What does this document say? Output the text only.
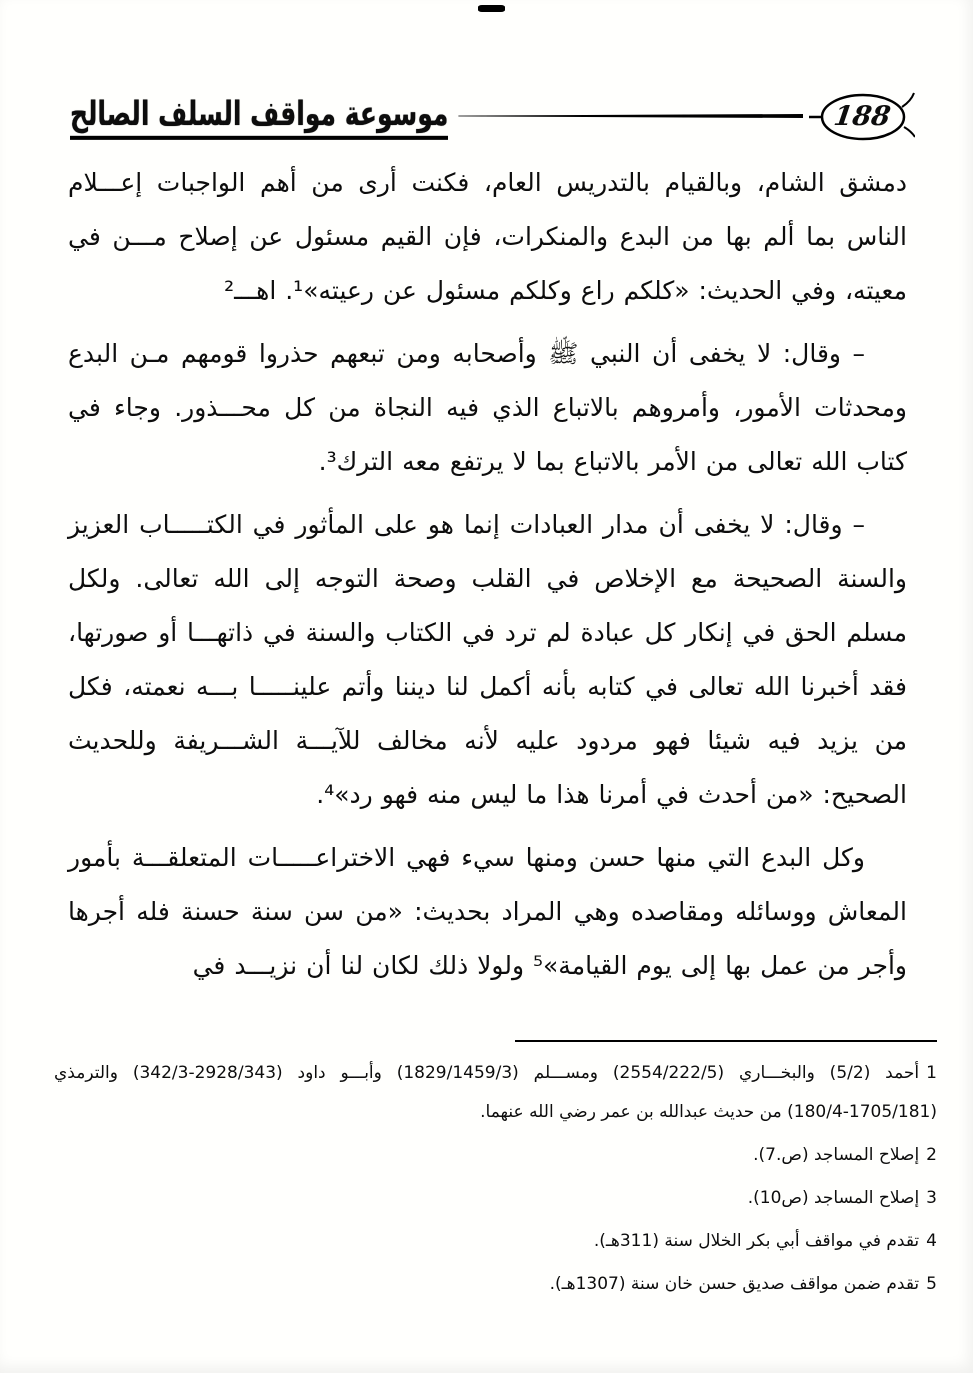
موسوعة مواقف السلف الصالح	188

دمشق الشام، وبالقيام بالتدريس العام، فكنت أرى من أهم الواجبات إعـــلام الناس بما ألم بها من البدع والمنكرات، فإن القيم مسئول عن إصلاح مـــن في معيته، وفي الحديث: «كلكم راع وكلكم مسئول عن رعيته»¹. اهـــ²

– وقال: لا يخفى أن النبي ﷺ وأصحابه ومن تبعهم حذروا قومهم مـن البدع ومحدثات الأمور، وأمروهم بالاتباع الذي فيه النجاة من كل محـــذور. وجاء في كتاب الله تعالى من الأمر بالاتباع بما لا يرتفع معه الترك³.

– وقال: لا يخفى أن مدار العبادات إنما هو على المأثور في الكتـــــاب العزيز والسنة الصحيحة مع الإخلاص في القلب وصحة التوجه إلى الله تعالى. ولكل مسلم الحق في إنكار كل عبادة لم ترد في الكتاب والسنة في ذاتهـــا أو صورتها، فقد أخبرنا الله تعالى في كتابه بأنه أكمل لنا ديننا وأتم علينـــــا بـــه نعمته، فكل من يزيد فيه شيئا فهو مردود عليه لأنه مخالف للآيـــة الشـــريفة وللحديث الصحيح: «من أحدث في أمرنا هذا ما ليس منه فهو رد»⁴.

وكل البدع التي منها حسن ومنها سيء فهي الاختراعـــــات المتعلقـــة بأمور المعاش ووسائله ومقاصده وهي المراد بحديث: «من سن سنة حسنة فله أجرها وأجر من عمل بها إلى يوم القيامة»⁵ ولولا ذلك لكان لنا أن نزيـــد في

1أحمد (5/2) والبخـــاري (2554/222/5) ومســـلم (1829/1459/3) وأبـــو داود (2928/343-342/3) والترمذي (1705/181-180/4) من حديث عبدالله بن عمر رضي الله عنهما.
2إصلاح المساجد (ص.7).
3إصلاح المساجد (ص10).
4تقدم في مواقف أبي بكر الخلال سنة (311هـ).
5تقدم ضمن مواقف صديق حسن خان سنة (1307هـ).
